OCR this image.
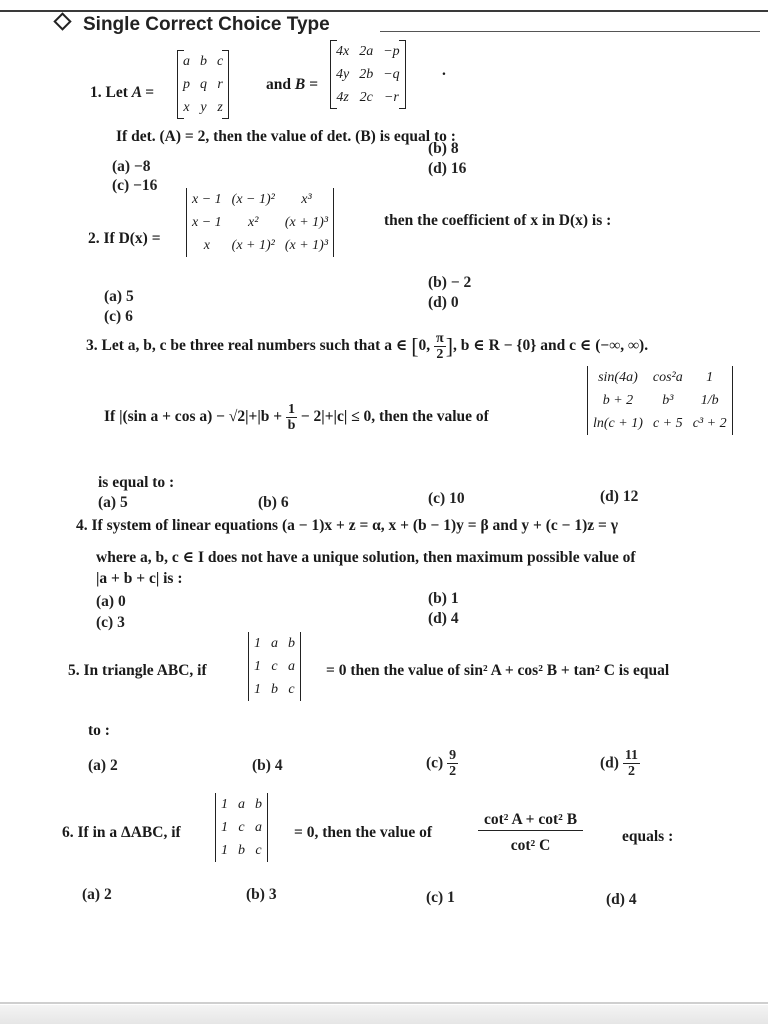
Single Correct Choice Type
1. Let A =
a	b	c
p	q	r
x	y	z
and B =
4x	2a	−p
4y	2b	−q
4z	2c	−r
.
If det. (A) = 2, then the value of det. (B) is equal to :
(a) −8
(b) 8
(c) −16
(d) 16
2. If D(x) =
x − 1	(x − 1)²	x³
x − 1	x²	(x + 1)³
x	(x + 1)²	(x + 1)³
then the coefficient of x in D(x) is :
(a) 5
(b) − 2
(c) 6
(d) 0
3. Let a, b, c be three real numbers such that a ∈ [0, $\frac{\pi}{2}$ ], b ∈ R − {0} and c ∈ (−∞, ∞).
If |(sin $a + \cos a) - √2|+|b + \frac{1}{b} - 2|+|c| \le 0$, then the value of
sin(4a)	cos²a	1
b + 2	b³	1/b
ln(c + 1)	c + 5	c³ + 2
is equal to :
(a) 5	(b) 6	(c) 10	(d) 12
4. If system of linear equations (a − 1)x + z = α, x + (b − 1)y = β and y + (c − 1)z = γ
where a, b, c ∈ I does not have a unique solution, then maximum possible value of
|a + b + c| is :
(a) 0	(b) 1
(c) 3	(d) 4
5. In triangle ABC, if
1	a	b
1	c	a
1	b	c
= 0 then the value of sin² A + cos² B + tan² C is equal
to :
(a) 2	(b) 4	$(c) \frac{9}{2}$	$(d) \frac{11}{2}$
6. If in a ΔABC, if
1	a	b
1	c	a
1	b	c
= 0, then the value of	$\frac{\text{cot² A + cot² B}}{\text{cot² C}}$	equals :
(a) 2	(b) 3	(c) 1	(d) 4
